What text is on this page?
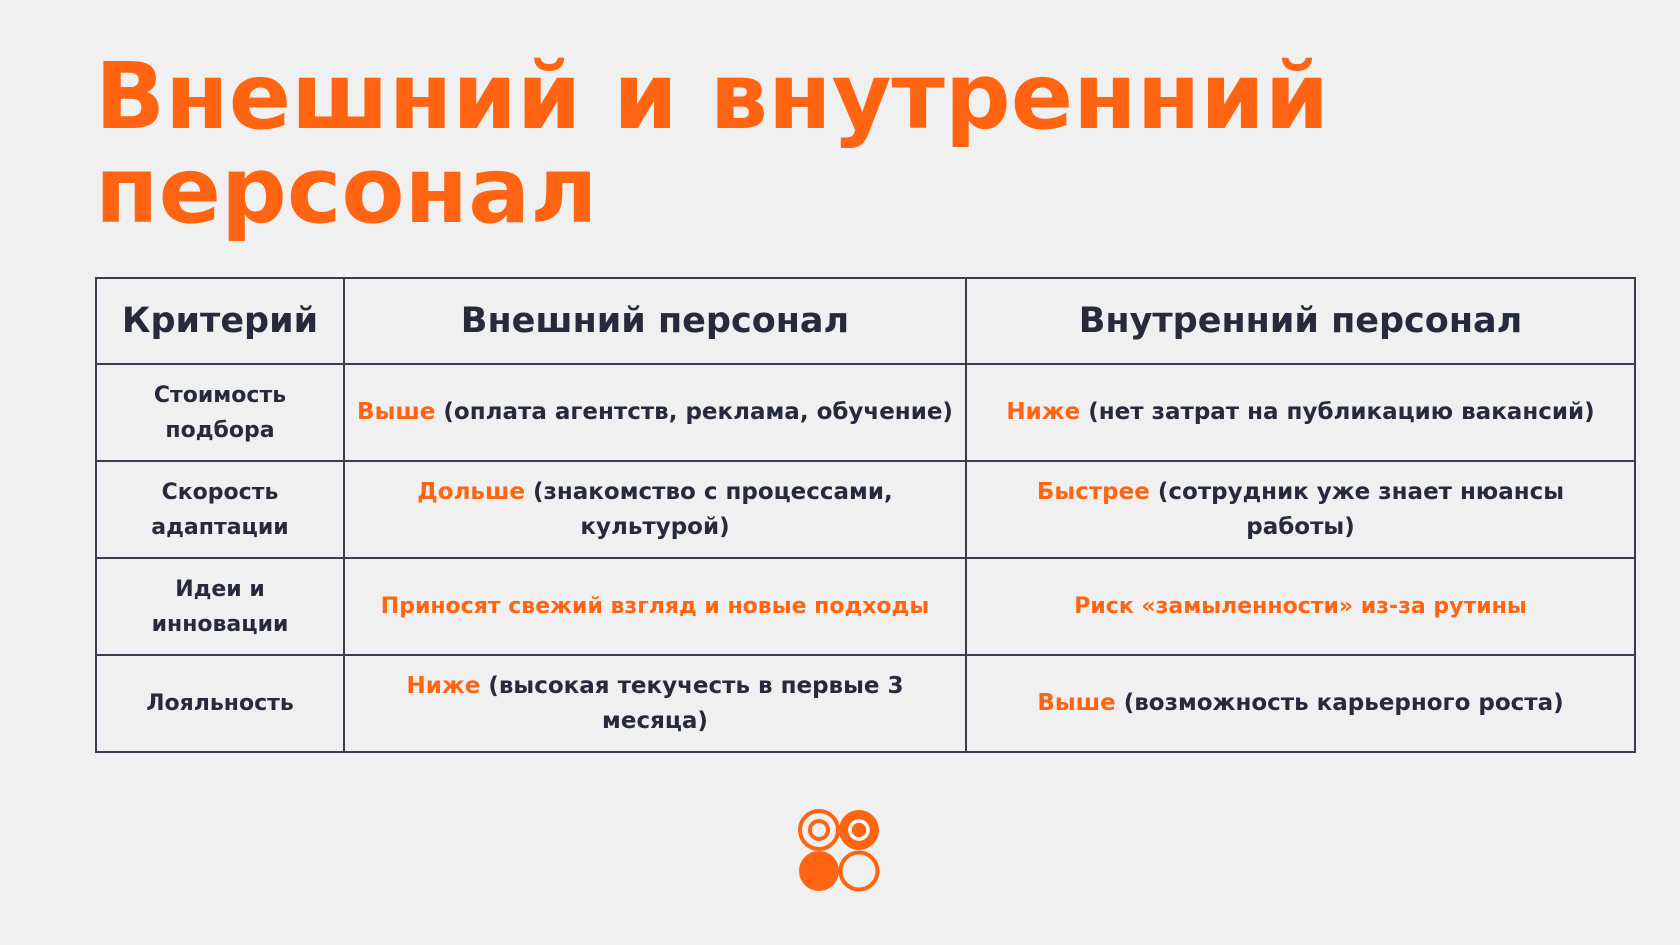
Внешний и внутренний
персонал
Критерий	Внешний персонал	Внутренний персонал
Стоимость подбора	Выше (оплата агентств, реклама, обучение)	Ниже (нет затрат на публикацию вакансий)
Скорость адаптации	Дольше (знакомство с процессами, культурой)	Быстрее (сотрудник уже знает нюансы работы)
Идеи и инновации	Приносят свежий взгляд и новые подходы	Риск «замыленности» из-за рутины
Лояльность	Ниже (высокая текучесть в первые 3 месяца)	Выше (возможность карьерного роста)
